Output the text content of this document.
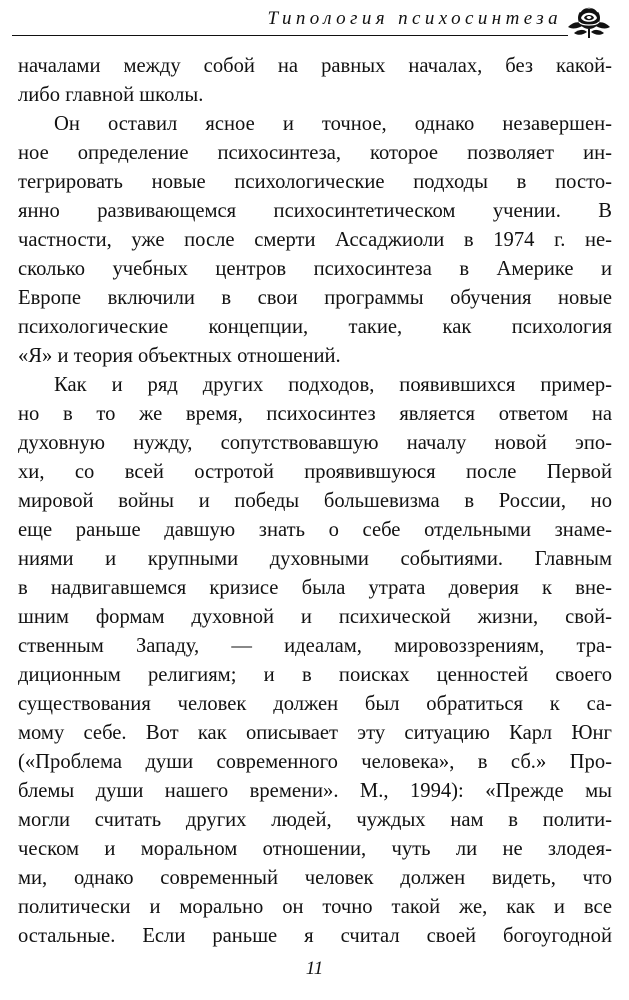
Типология психосинтеза
началами между собой на равных началах, без какой-
либо главной школы.
Он оставил ясное и точное, однако незавершен-
ное определение психосинтеза, которое позволяет ин-
тегрировать новые психологические подходы в посто-
янно развивающемся психосинтетическом учении. В
частности, уже после смерти Ассаджиоли в 1974 г. не-
сколько учебных центров психосинтеза в Америке и
Европе включили в свои программы обучения новые
психологические концепции, такие, как психология
«Я» и теория объектных отношений.
Как и ряд других подходов, появившихся пример-
но в то же время, психосинтез является ответом на
духовную нужду, сопутствовавшую началу новой эпо-
хи, со всей остротой проявившуюся после Первой
мировой войны и победы большевизма в России, но
еще раньше давшую знать о себе отдельными знаме-
ниями и крупными духовными событиями. Главным
в надвигавшемся кризисе была утрата доверия к вне-
шним формам духовной и психической жизни, свой-
ственным Западу, — идеалам, мировоззрениям, тра-
диционным религиям; и в поисках ценностей своего
существования человек должен был обратиться к са-
мому себе. Вот как описывает эту ситуацию Карл Юнг
(«Проблема души современного человека», в сб.» Про-
блемы души нашего времени». М., 1994): «Прежде мы
могли считать других людей, чуждых нам в полити-
ческом и моральном отношении, чуть ли не злодея-
ми, однако современный человек должен видеть, что
политически и морально он точно такой же, как и все
остальные. Если раньше я считал своей богоугодной
11
